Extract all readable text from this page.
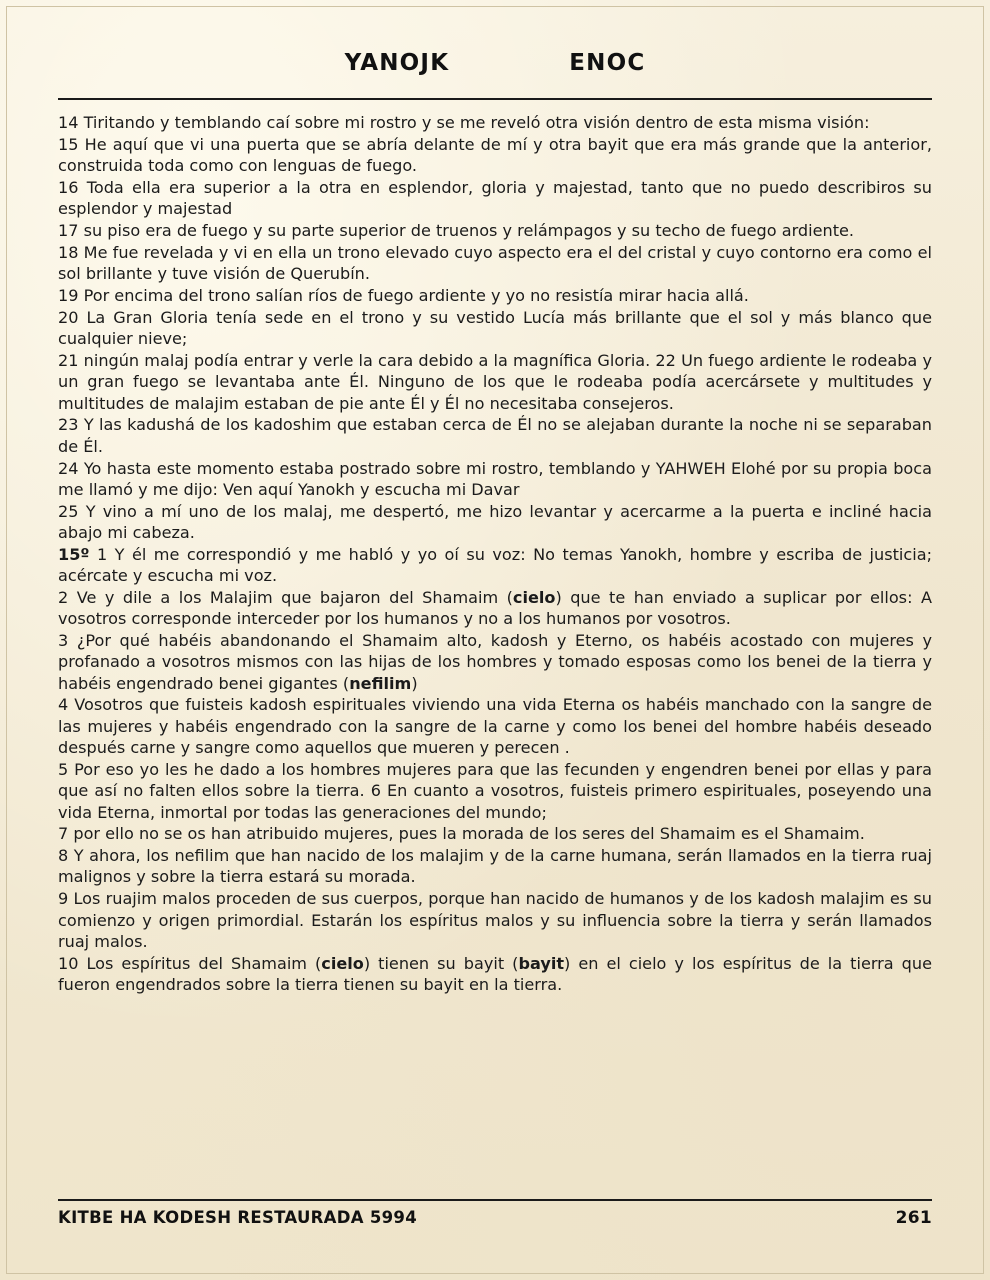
YANOJK	ENOC

14 Tiritando y temblando caí sobre mi rostro y se me reveló otra visión dentro de esta misma visión:

15 He aquí que vi una puerta que se abría delante de mí y otra bayit que era más grande que la anterior, construida toda como con lenguas de fuego.

16 Toda ella era superior a la otra en esplendor, gloria y majestad, tanto que no puedo describiros su esplendor y majestad

17 su piso era de fuego y su parte superior de truenos y relámpagos y su techo de fuego ardiente.

18 Me fue revelada y vi en ella un trono elevado cuyo aspecto era el del cristal y cuyo contorno era como el sol brillante y tuve visión de Querubín.

19 Por encima del trono salían ríos de fuego ardiente y yo no resistía mirar hacia allá.

20 La Gran Gloria tenía sede en el trono y su vestido Lucía más brillante que el sol y más blanco que cualquier nieve;

21 ningún malaj podía entrar y verle la cara debido a la magnífica Gloria. 22 Un fuego ardiente le rodeaba y un gran fuego se levantaba ante Él. Ninguno de los que le rodeaba podía acercársete y multitudes y multitudes de malajim estaban de pie ante Él y Él no necesitaba consejeros.

23 Y las kadushá de los kadoshim que estaban cerca de Él no se alejaban durante la noche ni se separaban de Él.

24 Yo hasta este momento estaba postrado sobre mi rostro, temblando y YAHWEH Elohé por su propia boca me llamó y me dijo: Ven aquí Yanokh y escucha mi Davar

25 Y vino a mí uno de los malaj, me despertó, me hizo levantar y acercarme a la puerta e incliné hacia abajo mi cabeza.

15º 1 Y él me correspondió y me habló y yo oí su voz: No temas Yanokh, hombre y escriba de justicia; acércate y escucha mi voz.

2 Ve y dile a los Malajim que bajaron del Shamaim (cielo) que te han enviado a suplicar por ellos: A vosotros corresponde interceder por los humanos y no a los humanos por vosotros.

3 ¿Por qué habéis abandonando el Shamaim alto, kadosh y Eterno, os habéis acostado con mujeres y profanado a vosotros mismos con las hijas de los hombres y tomado esposas como los benei de la tierra y habéis engendrado benei gigantes (nefilim)

4 Vosotros que fuisteis kadosh espirituales viviendo una vida Eterna os habéis manchado con la sangre de las mujeres y habéis engendrado con la sangre de la carne y como los benei del hombre habéis deseado después carne y sangre como aquellos que mueren y perecen .

5 Por eso yo les he dado a los hombres mujeres para que las fecunden y engendren benei por ellas y para que así no falten ellos sobre la tierra. 6 En cuanto a vosotros, fuisteis primero espirituales, poseyendo una vida Eterna, inmortal por todas las generaciones del mundo;

7 por ello no se os han atribuido mujeres, pues la morada de los seres del Shamaim es el Shamaim.

8 Y ahora, los nefilim que han nacido de los malajim y de la carne humana, serán llamados en la tierra ruaj malignos y sobre la tierra estará su morada.

9 Los ruajim malos proceden de sus cuerpos, porque han nacido de humanos y de los kadosh malajim es su comienzo y origen primordial. Estarán los espíritus malos y su influencia sobre la tierra y serán llamados ruaj malos.

10 Los espíritus del Shamaim (cielo) tienen su bayit (bayit) en el cielo y los espíritus de la tierra que fueron engendrados sobre la tierra tienen su bayit en la tierra.

KITBE HA KODESH RESTAURADA 5994	261
